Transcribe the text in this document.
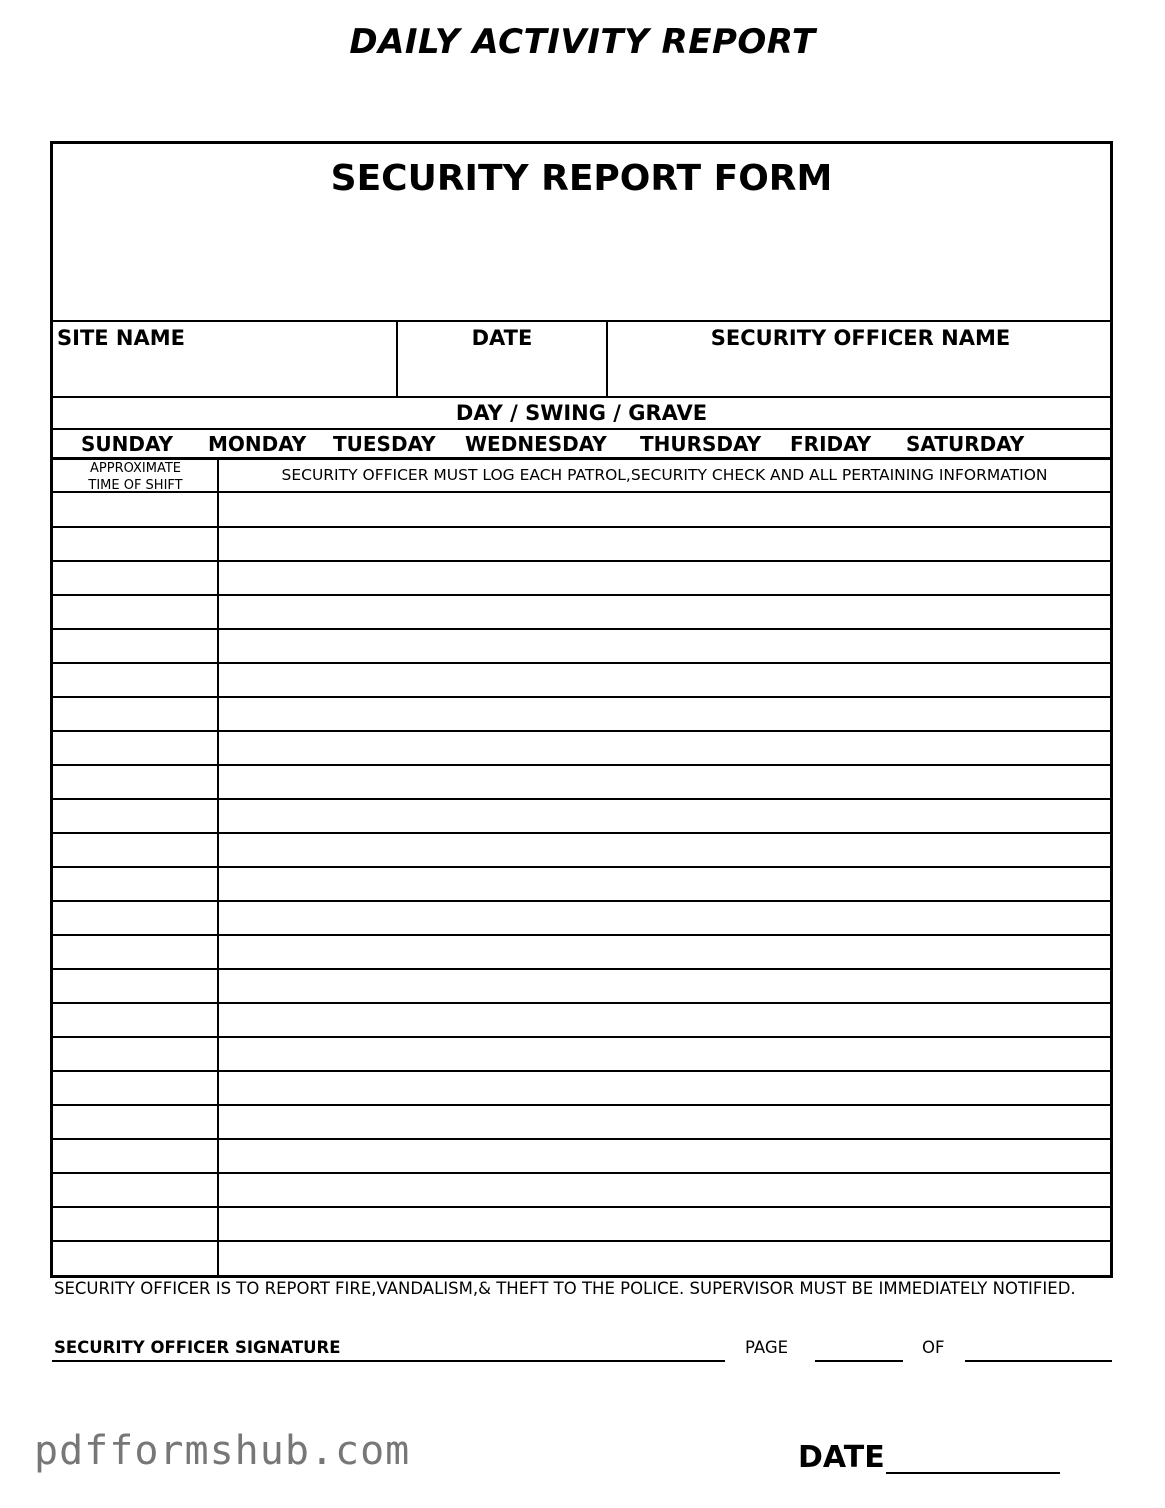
DAILY ACTIVITY REPORT
SECURITY REPORT FORM
SITE NAME	DATE	SECURITY OFFICER NAME
DAY / SWING / GRAVE
SUNDAY MONDAY TUESDAY WEDNESDAY THURSDAY FRIDAY SATURDAY
APPROXIMATE
TIME OF SHIFT
SECURITY OFFICER MUST LOG EACH PATROL,SECURITY CHECK AND ALL PERTAINING INFORMATION
SECURITY OFFICER IS TO REPORT FIRE,VANDALISM,& THEFT TO THE POLICE. SUPERVISOR MUST BE IMMEDIATELY NOTIFIED.
SECURITY OFFICER SIGNATURE	PAGE	OF
pdfformshub.com	DATE
